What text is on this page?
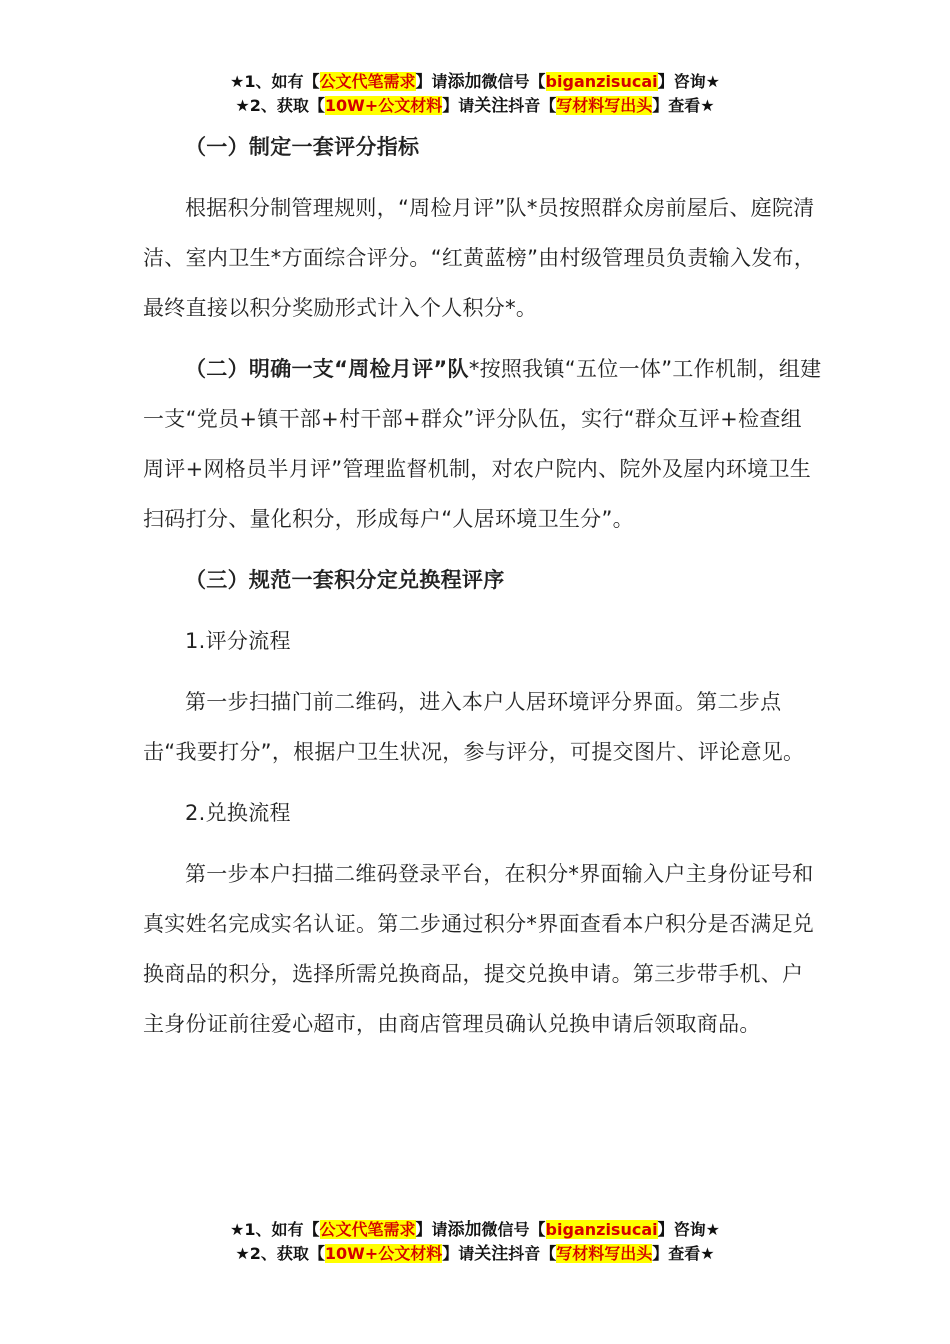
★1、如有【公文代笔需求】请添加微信号【biganzisucai】咨询★
★2、获取【10W+公文材料】请关注抖音【写材料写出头】查看★

（一）制定一套评分指标

根据积分制管理规则，“周检月评”队*员按照群众房前屋后、庭院清洁、室内卫生*方面综合评分。“红黄蓝榜”由村级管理员负责输入发布，最终直接以积分奖励形式计入个人积分*。

（二）明确一支“周检月评”队*按照我镇“五位一体”工作机制，组建一支“党员+镇干部+村干部+群众”评分队伍，实行“群众互评+检查组周评+网格员半月评”管理监督机制，对农户院内、院外及屋内环境卫生扫码打分、量化积分，形成每户“人居环境卫生分”。

（三）规范一套积分定兑换程评序

1.评分流程

第一步扫描门前二维码，进入本户人居环境评分界面。第二步点击“我要打分”，根据户卫生状况，参与评分，可提交图片、评论意见。

2.兑换流程

第一步本户扫描二维码登录平台，在积分*界面输入户主身份证号和真实姓名完成实名认证。第二步通过积分*界面查看本户积分是否满足兑换商品的积分，选择所需兑换商品，提交兑换申请。第三步带手机、户主身份证前往爱心超市，由商店管理员确认兑换申请后领取商品。

★1、如有【公文代笔需求】请添加微信号【biganzisucai】咨询★
★2、获取【10W+公文材料】请关注抖音【写材料写出头】查看★
